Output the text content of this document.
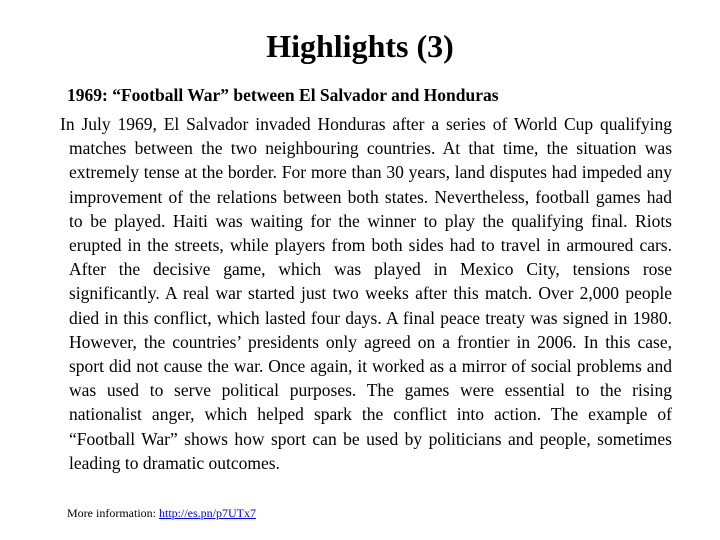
Highlights (3)

1969: “Football War” between El Salvador and Honduras

In July 1969, El Salvador invaded Honduras after a series of World Cup qualifying matches between the two neighbouring countries. At that time, the situation was extremely tense at the border. For more than 30 years, land disputes had impeded any improvement of the relations between both states. Nevertheless, football games had to be played. Haiti was waiting for the winner to play the qualifying final. Riots erupted in the streets, while players from both sides had to travel in armoured cars. After the decisive game, which was played in Mexico City, tensions rose significantly. A real war started just two weeks after this match. Over 2,000 people died in this conflict, which lasted four days. A final peace treaty was signed in 1980. However, the countries’ presidents only agreed on a frontier in 2006. In this case, sport did not cause the war. Once again, it worked as a mirror of social problems and was used to serve political purposes. The games were essential to the rising nationalist anger, which helped spark the conflict into action. The example of “Football War” shows how sport can be used by politicians and people, sometimes leading to dramatic outcomes.

More information: http://es.pn/p7UTx7
